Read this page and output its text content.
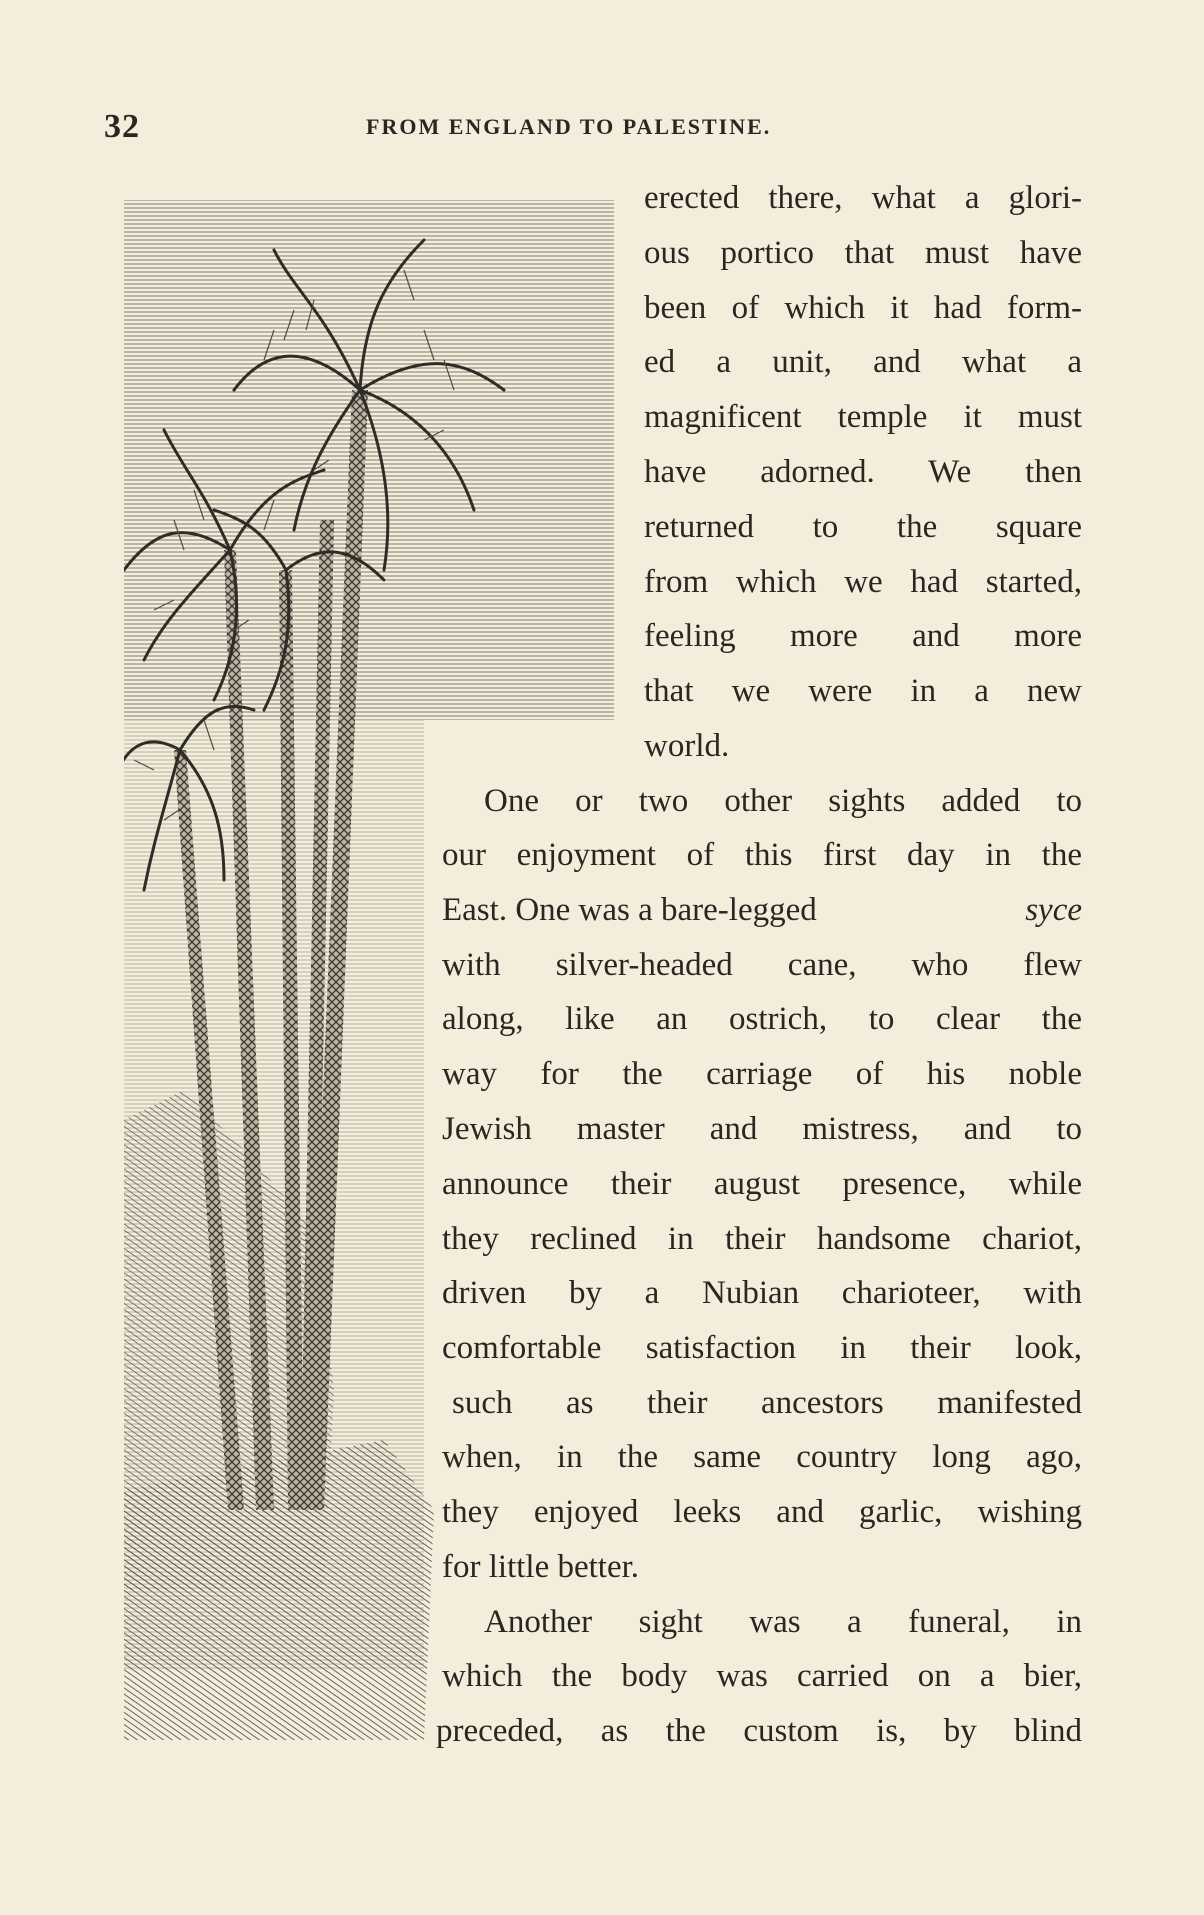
32	FROM ENGLAND TO PALESTINE.
erected there, what a glori-
ous portico that must have
been of which it had form-
ed a unit, and what a
magnificent temple it must
have adorned. We then
returned to the square
from which we had started,
feeling more and more
that we were in a new
world.
One or two other sights added to
our enjoyment of this first day in the
East. One was a bare-legged	syce
with silver-headed cane, who flew
along, like an ostrich, to clear the
way for the carriage of his noble
Jewish master and mistress, and to
announce their august presence, while
they reclined in their handsome chariot,
driven by a Nubian charioteer, with
comfortable satisfaction in their look,
such as their ancestors manifested
when, in the same country long ago,
they enjoyed leeks and garlic, wishing
for little better.
Another sight was a funeral, in
which the body was carried on a bier,
preceded, as the custom is, by blind
